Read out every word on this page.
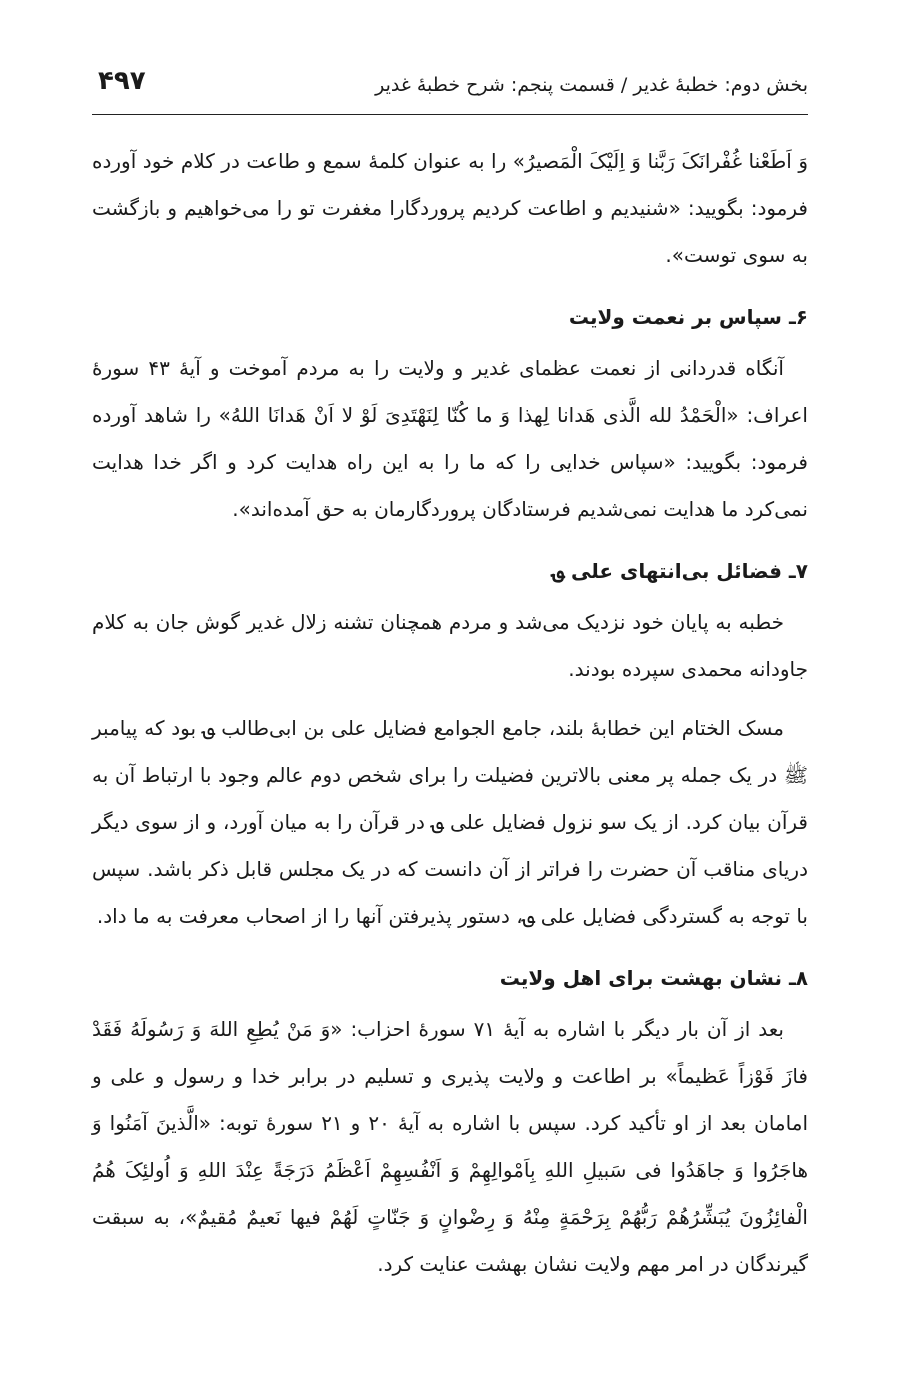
بخش دوم: خطبهٔ غدیر / قسمت پنجم: شرح خطبهٔ غدیر
۴۹۷

وَ اَطَعْنا غُفْرانَکَ رَبَّنا وَ اِلَیْکَ الْمَصیرُ» را به عنوان کلمهٔ سمع و طاعت در کلام خود آورده فرمود: بگویید: «شنیدیم و اطاعت کردیم پروردگارا مغفرت تو را می‌خواهیم و بازگشت به سوی توست».

۶ـ سپاس بر نعمت ولایت

آنگاه قدردانی از نعمت عظمای غدیر و ولایت را به مردم آموخت و آیهٔ ۴۳ سورهٔ اعراف: «الْحَمْدُ لله الَّذی هَدانا لِهذا وَ ما کُنّا لِنَهْتَدِیَ لَوْ لا اَنْ هَدانَا اللهُ» را شاهد آورده فرمود: بگویید: «سپاس خدایی را که ما را به این راه هدایت کرد و اگر خدا هدایت نمی‌کرد ما هدایت نمی‌شدیم فرستادگان پروردگارمان به حق آمده‌اند».

۷ـ فضائل بی‌انتهای علی ؈

خطبه به پایان خود نزدیک می‌شد و مردم همچنان تشنه زلال غدیر گوش جان به کلام جاودانه محمدی سپرده بودند.

مسک الختام این خطابهٔ بلند، جامع الجوامع فضایل علی بن ابی‌طالب ؈ بود که پیامبر ﷺ در یک جمله پر معنی بالاترین فضیلت را برای شخص دوم عالم وجود با ارتباط آن به قرآن بیان کرد. از یک سو نزول فضایل علی ؈ در قرآن را به میان آورد، و از سوی دیگر دریای مناقب آن حضرت را فراتر از آن دانست که در یک مجلس قابل ذکر باشد. سپس با توجه به گستردگی فضایل علی ؈، دستور پذیرفتن آنها را از اصحاب معرفت به ما داد.

۸ـ نشان بهشت برای اهل ولایت

بعد از آن بار دیگر با اشاره به آیهٔ ۷۱ سورهٔ احزاب: «وَ مَنْ یُطِعِ اللهَ وَ رَسُولَهُ فَقَدْ فازَ فَوْزاً عَظیماً» بر اطاعت و ولایت پذیری و تسلیم در برابر خدا و رسول و علی و امامان بعد از او تأکید کرد. سپس با اشاره به آیهٔ ۲۰ و ۲۱ سورهٔ توبه: «الَّذینَ آمَنُوا وَ هاجَرُوا وَ جاهَدُوا فی سَبیلِ اللهِ بِاَمْوالِهِمْ وَ اَنْفُسِهِمْ اَعْظَمُ دَرَجَةً عِنْدَ اللهِ وَ اُولئِکَ هُمُ الْفائِزُونَ یُبَشِّرُهُمْ رَبُّهُمْ بِرَحْمَةٍ مِنْهُ وَ رِضْوانٍ وَ جَنّاتٍ لَهُمْ فیها نَعیمٌ مُقیمٌ»، به سبقت گیرندگان در امر مهم ولایت نشان بهشت عنایت کرد.
